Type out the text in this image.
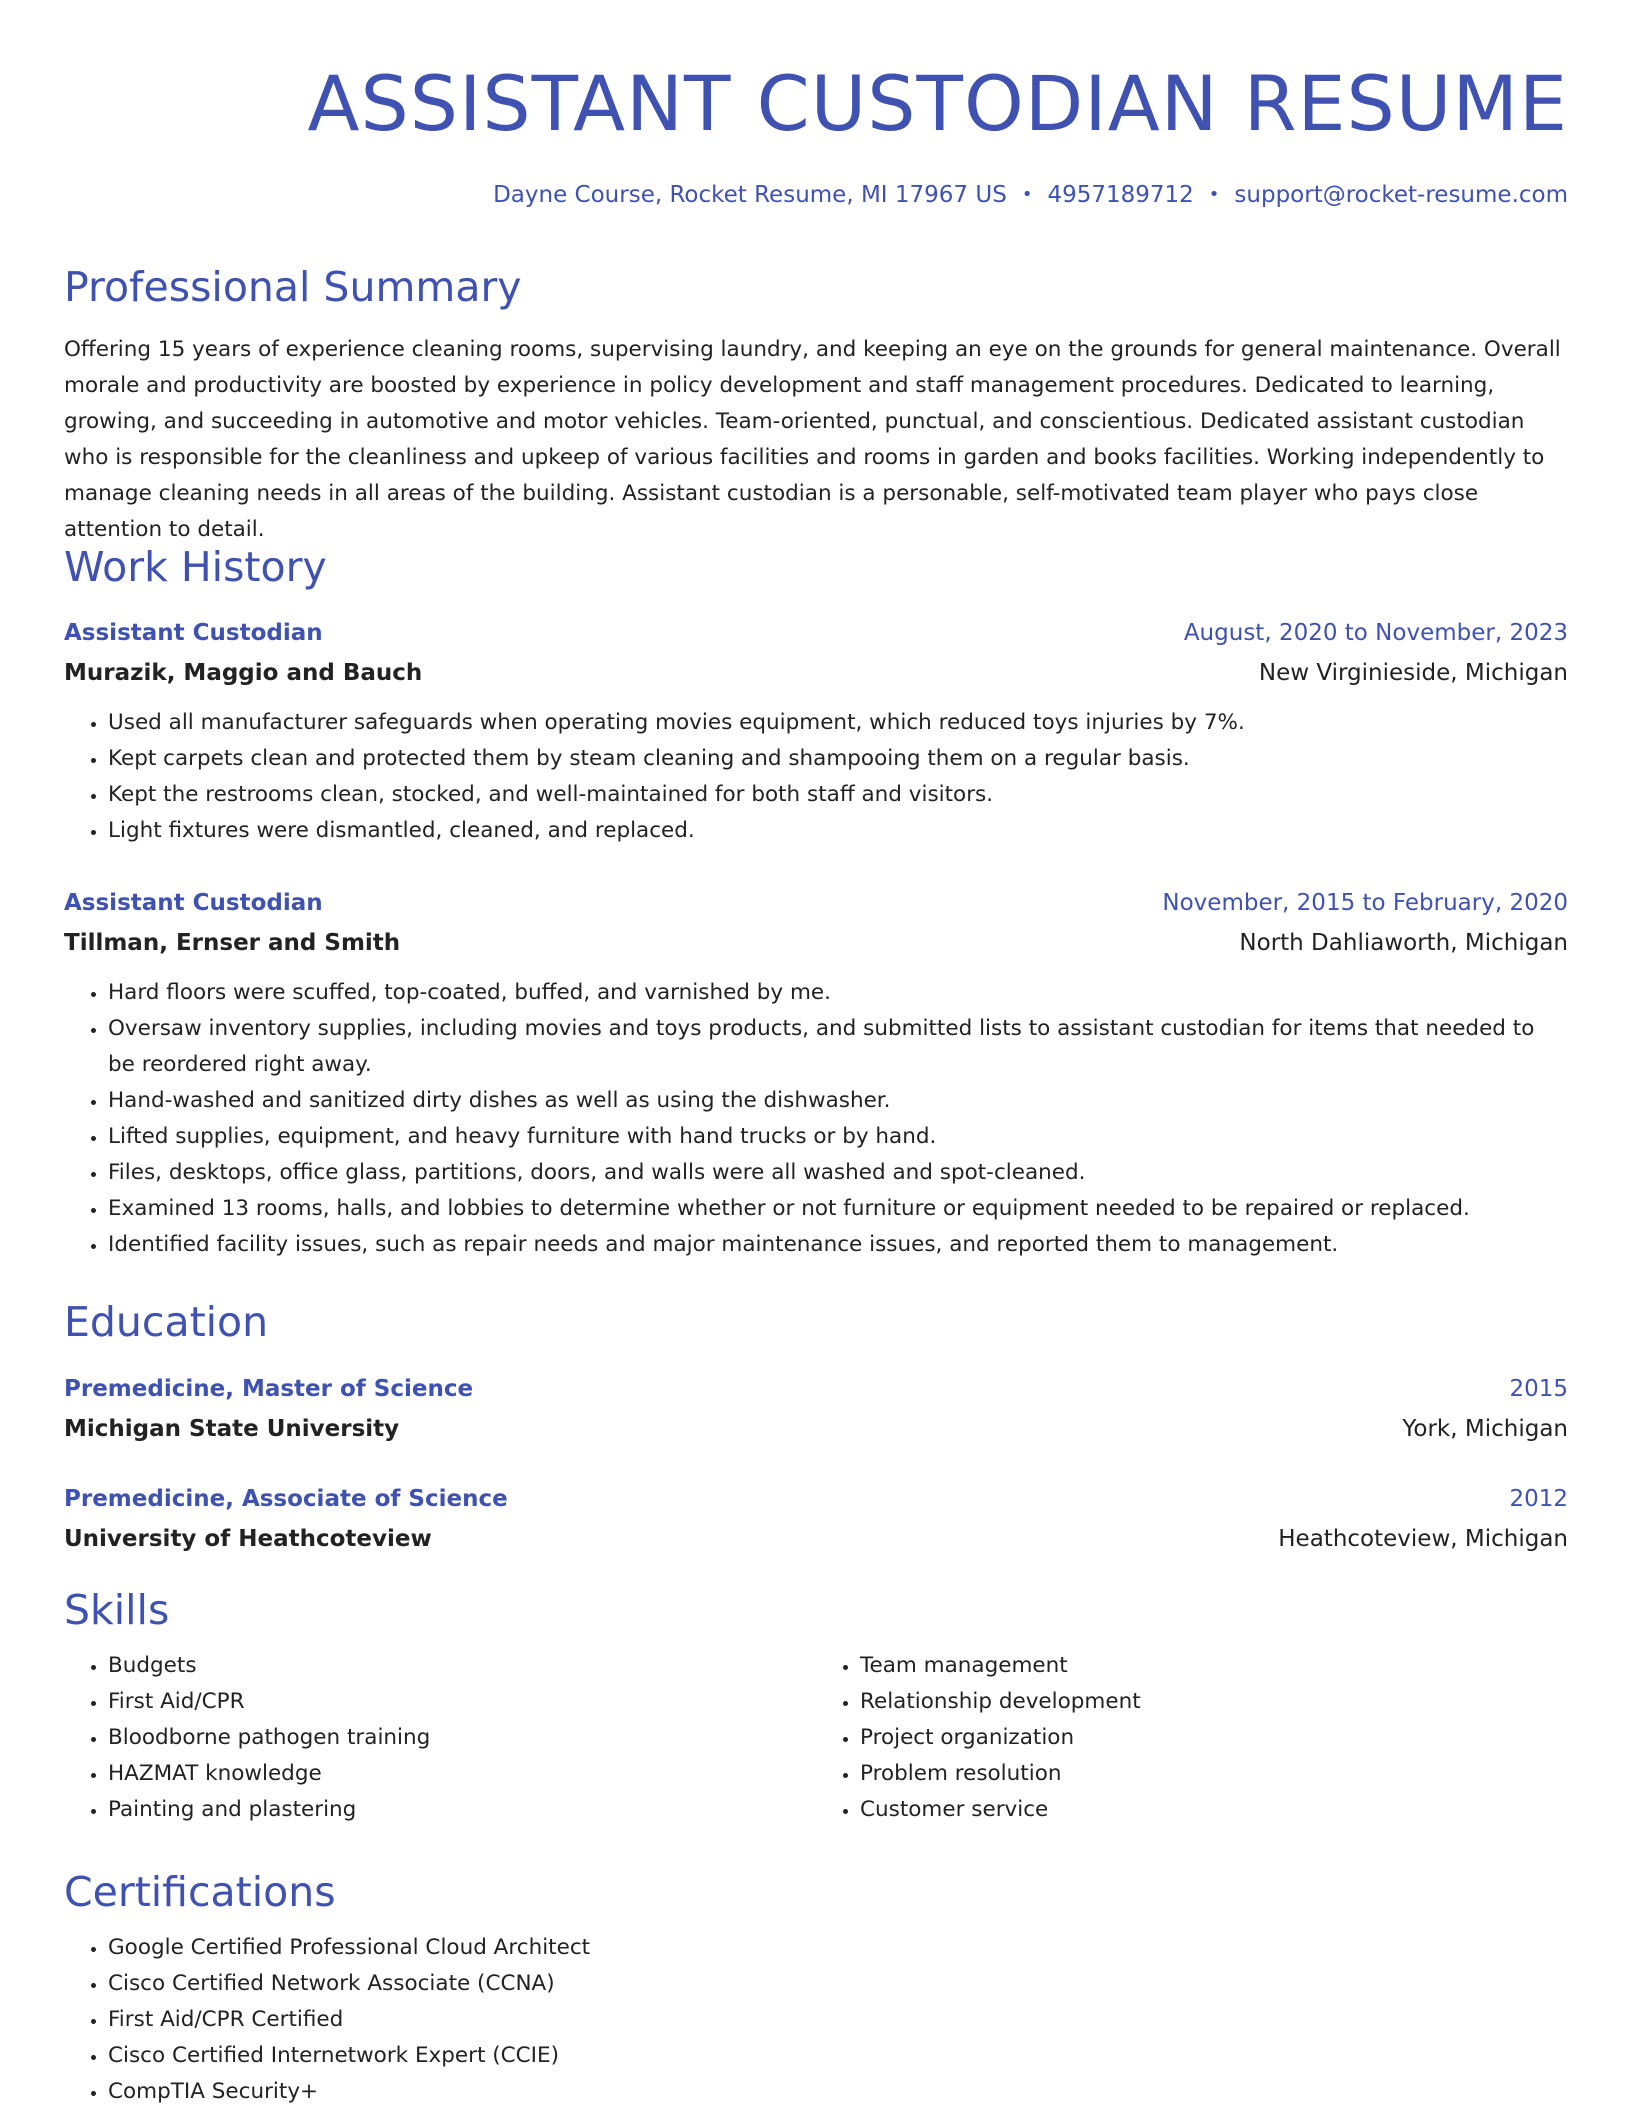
ASSISTANT CUSTODIAN RESUME
Dayne Course, Rocket Resume, MI 17967 US • 4957189712 • support@rocket-resume.com
Professional Summary

Offering 15 years of experience cleaning rooms, supervising laundry, and keeping an eye on the grounds for general maintenance. Overall morale and productivity are boosted by experience in policy development and staff management procedures. Dedicated to learning, growing, and succeeding in automotive and motor vehicles. Team-oriented, punctual, and conscientious. Dedicated assistant custodian who is responsible for the cleanliness and upkeep of various facilities and rooms in garden and books facilities. Working independently to manage cleaning needs in all areas of the building. Assistant custodian is a personable, self-motivated team player who pays close attention to detail.

Work History
Assistant Custodian	August, 2020 to November, 2023
Murazik, Maggio and Bauch	New Virginieside, Michigan
• Used all manufacturer safeguards when operating movies equipment, which reduced toys injuries by 7%.
• Kept carpets clean and protected them by steam cleaning and shampooing them on a regular basis.
• Kept the restrooms clean, stocked, and well-maintained for both staff and visitors.
• Light fixtures were dismantled, cleaned, and replaced.
Assistant Custodian	November, 2015 to February, 2020
Tillman, Ernser and Smith	North Dahliaworth, Michigan
• Hard floors were scuffed, top-coated, buffed, and varnished by me.
• Oversaw inventory supplies, including movies and toys products, and submitted lists to assistant custodian for items that needed to be reordered right away.
• Hand-washed and sanitized dirty dishes as well as using the dishwasher.
• Lifted supplies, equipment, and heavy furniture with hand trucks or by hand.
• Files, desktops, office glass, partitions, doors, and walls were all washed and spot-cleaned.
• Examined 13 rooms, halls, and lobbies to determine whether or not furniture or equipment needed to be repaired or replaced.
• Identified facility issues, such as repair needs and major maintenance issues, and reported them to management.
Education
Premedicine, Master of Science	2015
Michigan State University	York, Michigan
Premedicine, Associate of Science	2012
University of Heathcoteview	Heathcoteview, Michigan
Skills
• Budgets
• First Aid/CPR
• Bloodborne pathogen training
• HAZMAT knowledge
• Painting and plastering
• Team management
• Relationship development
• Project organization
• Problem resolution
• Customer service
Certifications
• Google Certified Professional Cloud Architect
• Cisco Certified Network Associate (CCNA)
• First Aid/CPR Certified
• Cisco Certified Internetwork Expert (CCIE)
• CompTIA Security+
